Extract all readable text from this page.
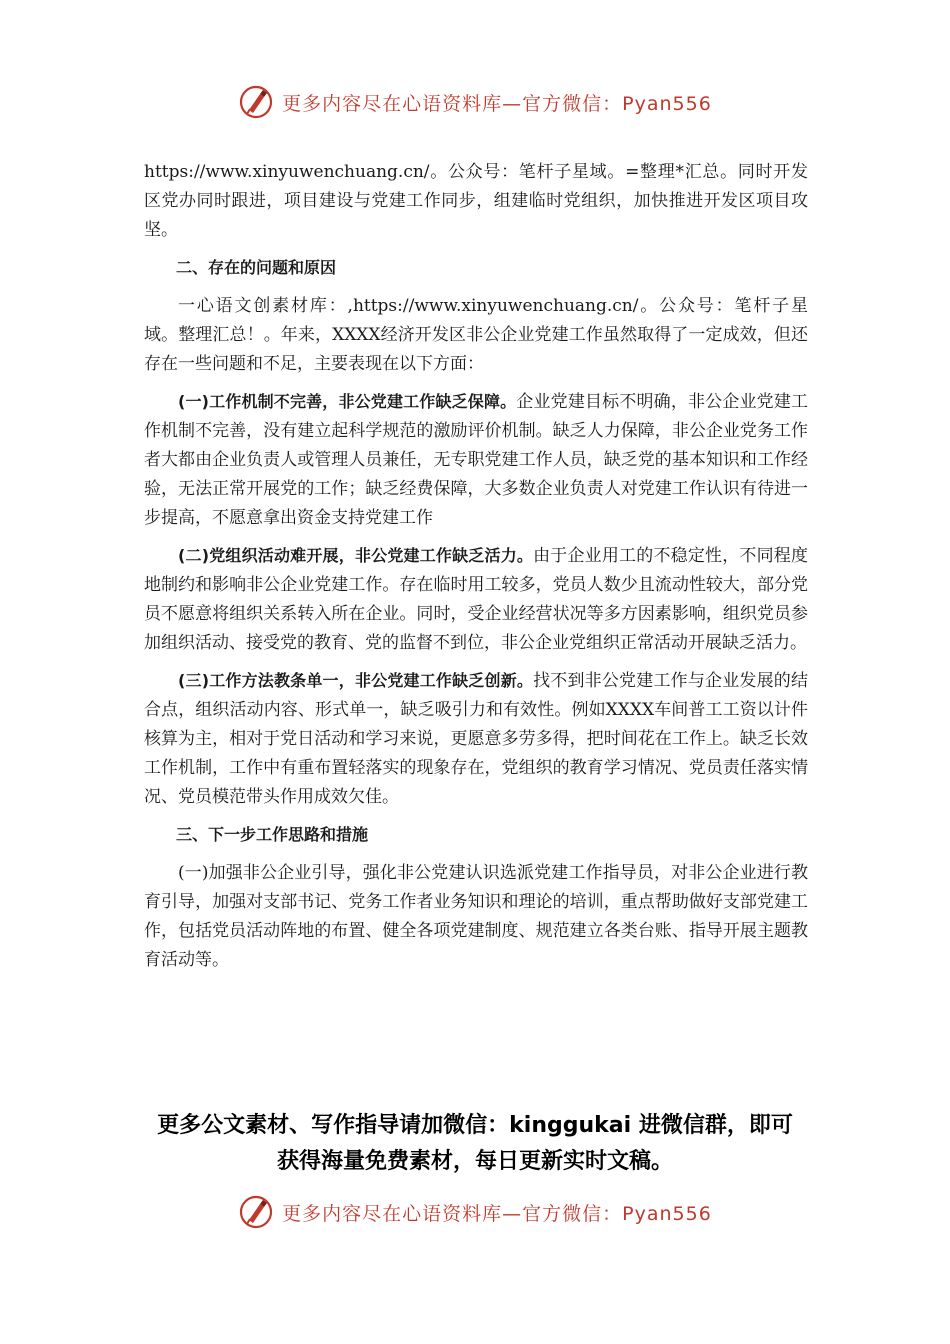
更多内容尽在心语资料库—官方微信：Pyan556

https://www.xinyuwenchuang.cn/。公众号：笔杆子星域。=整理*汇总。同时开发区党办同时跟进，项目建设与党建工作同步，组建临时党组织，加快推进开发区项目攻坚。

二、存在的问题和原因

一心语文创素材库：,https://www.xinyuwenchuang.cn/。公众号：笔杆子星域。整理汇总！。年来，XXXX经济开发区非公企业党建工作虽然取得了一定成效，但还存在一些问题和不足，主要表现在以下方面：

(一)工作机制不完善，非公党建工作缺乏保障。企业党建目标不明确，非公企业党建工作机制不完善，没有建立起科学规范的激励评价机制。缺乏人力保障，非公企业党务工作者大都由企业负责人或管理人员兼任，无专职党建工作人员，缺乏党的基本知识和工作经验，无法正常开展党的工作；缺乏经费保障，大多数企业负责人对党建工作认识有待进一步提高，不愿意拿出资金支持党建工作

(二)党组织活动难开展，非公党建工作缺乏活力。由于企业用工的不稳定性，不同程度地制约和影响非公企业党建工作。存在临时用工较多，党员人数少且流动性较大，部分党员不愿意将组织关系转入所在企业。同时，受企业经营状况等多方因素影响，组织党员参加组织活动、接受党的教育、党的监督不到位，非公企业党组织正常活动开展缺乏活力。

(三)工作方法教条单一，非公党建工作缺乏创新。找不到非公党建工作与企业发展的结合点，组织活动内容、形式单一，缺乏吸引力和有效性。例如XXXX车间普工工资以计件核算为主，相对于党日活动和学习来说，更愿意多劳多得，把时间花在工作上。缺乏长效工作机制，工作中有重布置轻落实的现象存在，党组织的教育学习情况、党员责任落实情况、党员模范带头作用成效欠佳。

三、下一步工作思路和措施

(一)加强非公企业引导，强化非公党建认识选派党建工作指导员，对非公企业进行教育引导，加强对支部书记、党务工作者业务知识和理论的培训，重点帮助做好支部党建工作，包括党员活动阵地的布置、健全各项党建制度、规范建立各类台账、指导开展主题教育活动等。

更多公文素材、写作指导请加微信：kinggukai 进微信群，即可
获得海量免费素材，每日更新实时文稿。
更多内容尽在心语资料库—官方微信：Pyan556
